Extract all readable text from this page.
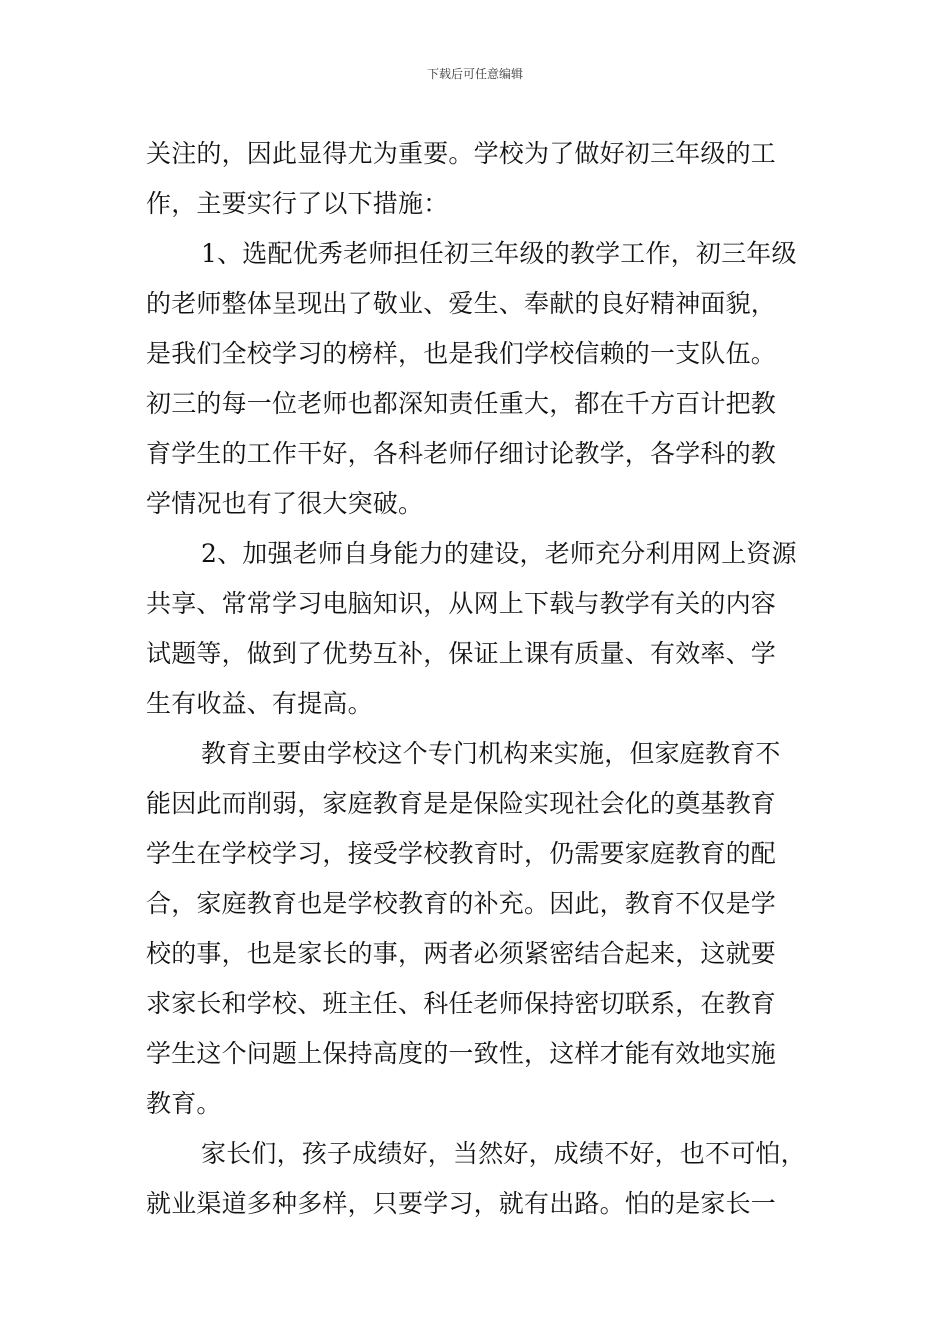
下载后可任意编辑
关注的，因此显得尤为重要。学校为了做好初三年级的工
作，主要实行了以下措施：
1、选配优秀老师担任初三年级的教学工作，初三年级
的老师整体呈现出了敬业、爱生、奉献的良好精神面貌，
是我们全校学习的榜样，也是我们学校信赖的一支队伍。
初三的每一位老师也都深知责任重大，都在千方百计把教
育学生的工作干好，各科老师仔细讨论教学，各学科的教
学情况也有了很大突破。
2、加强老师自身能力的建设，老师充分利用网上资源
共享、常常学习电脑知识，从网上下载与教学有关的内容
试题等，做到了优势互补，保证上课有质量、有效率、学
生有收益、有提高。
教育主要由学校这个专门机构来实施，但家庭教育不
能因此而削弱，家庭教育是是保险实现社会化的奠基教育
学生在学校学习，接受学校教育时，仍需要家庭教育的配
合，家庭教育也是学校教育的补充。因此，教育不仅是学
校的事，也是家长的事，两者必须紧密结合起来，这就要
求家长和学校、班主任、科任老师保持密切联系，在教育
学生这个问题上保持高度的一致性，这样才能有效地实施
教育。
家长们，孩子成绩好，当然好，成绩不好，也不可怕，
就业渠道多种多样，只要学习，就有出路。怕的是家长一
